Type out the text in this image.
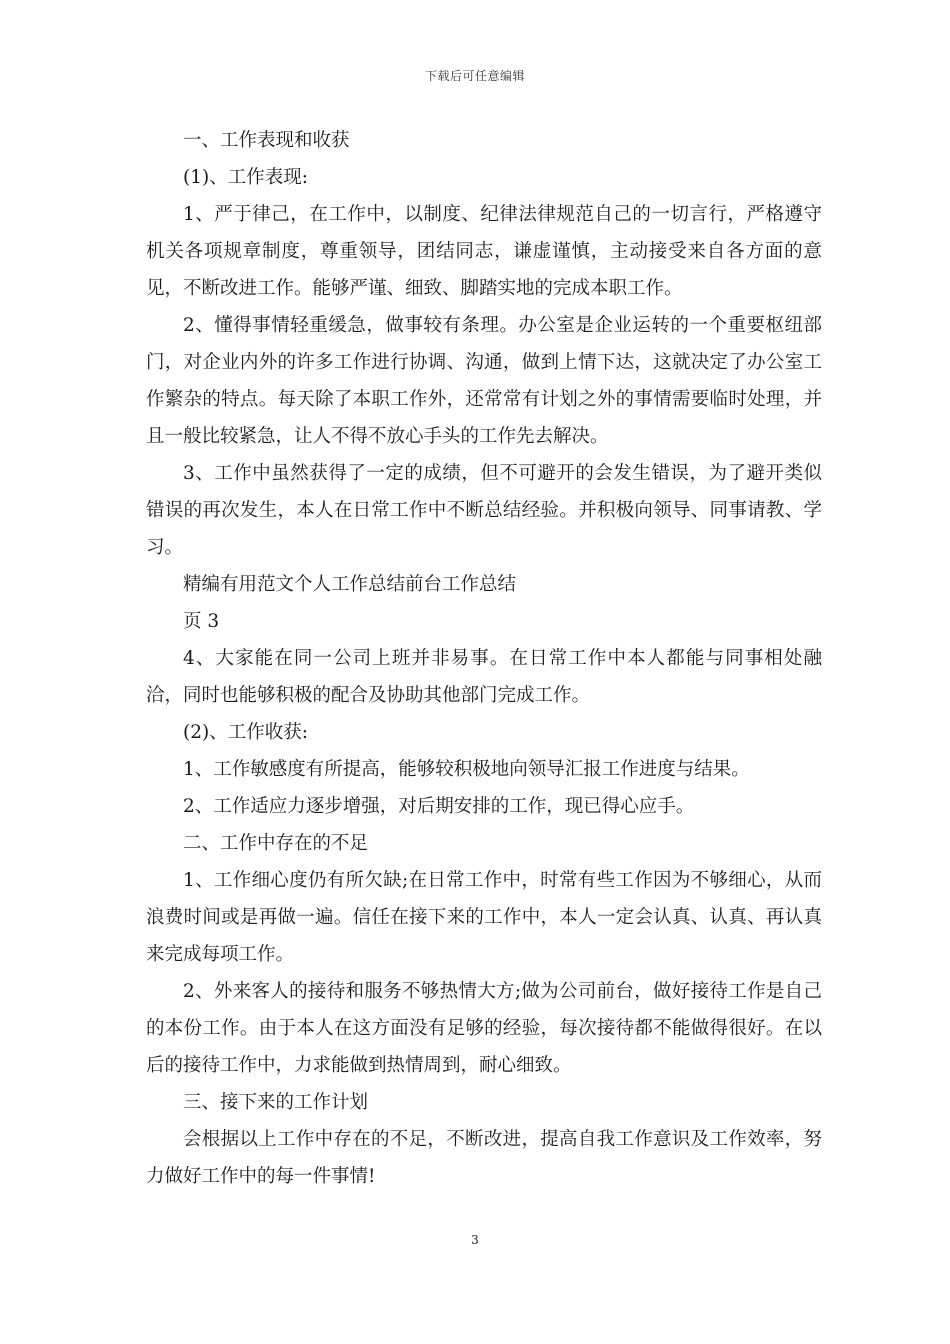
下载后可任意编辑

一、工作表现和收获

(1)、工作表现:

1、严于律己，在工作中，以制度、纪律法律规范自己的一切言行，严格遵守机关各项规章制度，尊重领导，团结同志，谦虚谨慎，主动接受来自各方面的意见，不断改进工作。能够严谨、细致、脚踏实地的完成本职工作。

2、懂得事情轻重缓急，做事较有条理。办公室是企业运转的一个重要枢纽部门，对企业内外的许多工作进行协调、沟通，做到上情下达，这就决定了办公室工作繁杂的特点。每天除了本职工作外，还常常有计划之外的事情需要临时处理，并且一般比较紧急，让人不得不放心手头的工作先去解决。

3、工作中虽然获得了一定的成绩，但不可避开的会发生错误，为了避开类似错误的再次发生，本人在日常工作中不断总结经验。并积极向领导、同事请教、学习。

精编有用范文个人工作总结前台工作总结

页 3

4、大家能在同一公司上班并非易事。在日常工作中本人都能与同事相处融洽，同时也能够积极的配合及协助其他部门完成工作。

(2)、工作收获:

1、工作敏感度有所提高，能够较积极地向领导汇报工作进度与结果。

2、工作适应力逐步增强，对后期安排的工作，现已得心应手。

二、工作中存在的不足

1、工作细心度仍有所欠缺;在日常工作中，时常有些工作因为不够细心，从而浪费时间或是再做一遍。信任在接下来的工作中，本人一定会认真、认真、再认真来完成每项工作。

2、外来客人的接待和服务不够热情大方;做为公司前台，做好接待工作是自己的本份工作。由于本人在这方面没有足够的经验，每次接待都不能做得很好。在以后的接待工作中，力求能做到热情周到，耐心细致。

三、接下来的工作计划

会根据以上工作中存在的不足，不断改进，提高自我工作意识及工作效率，努力做好工作中的每一件事情!

3
